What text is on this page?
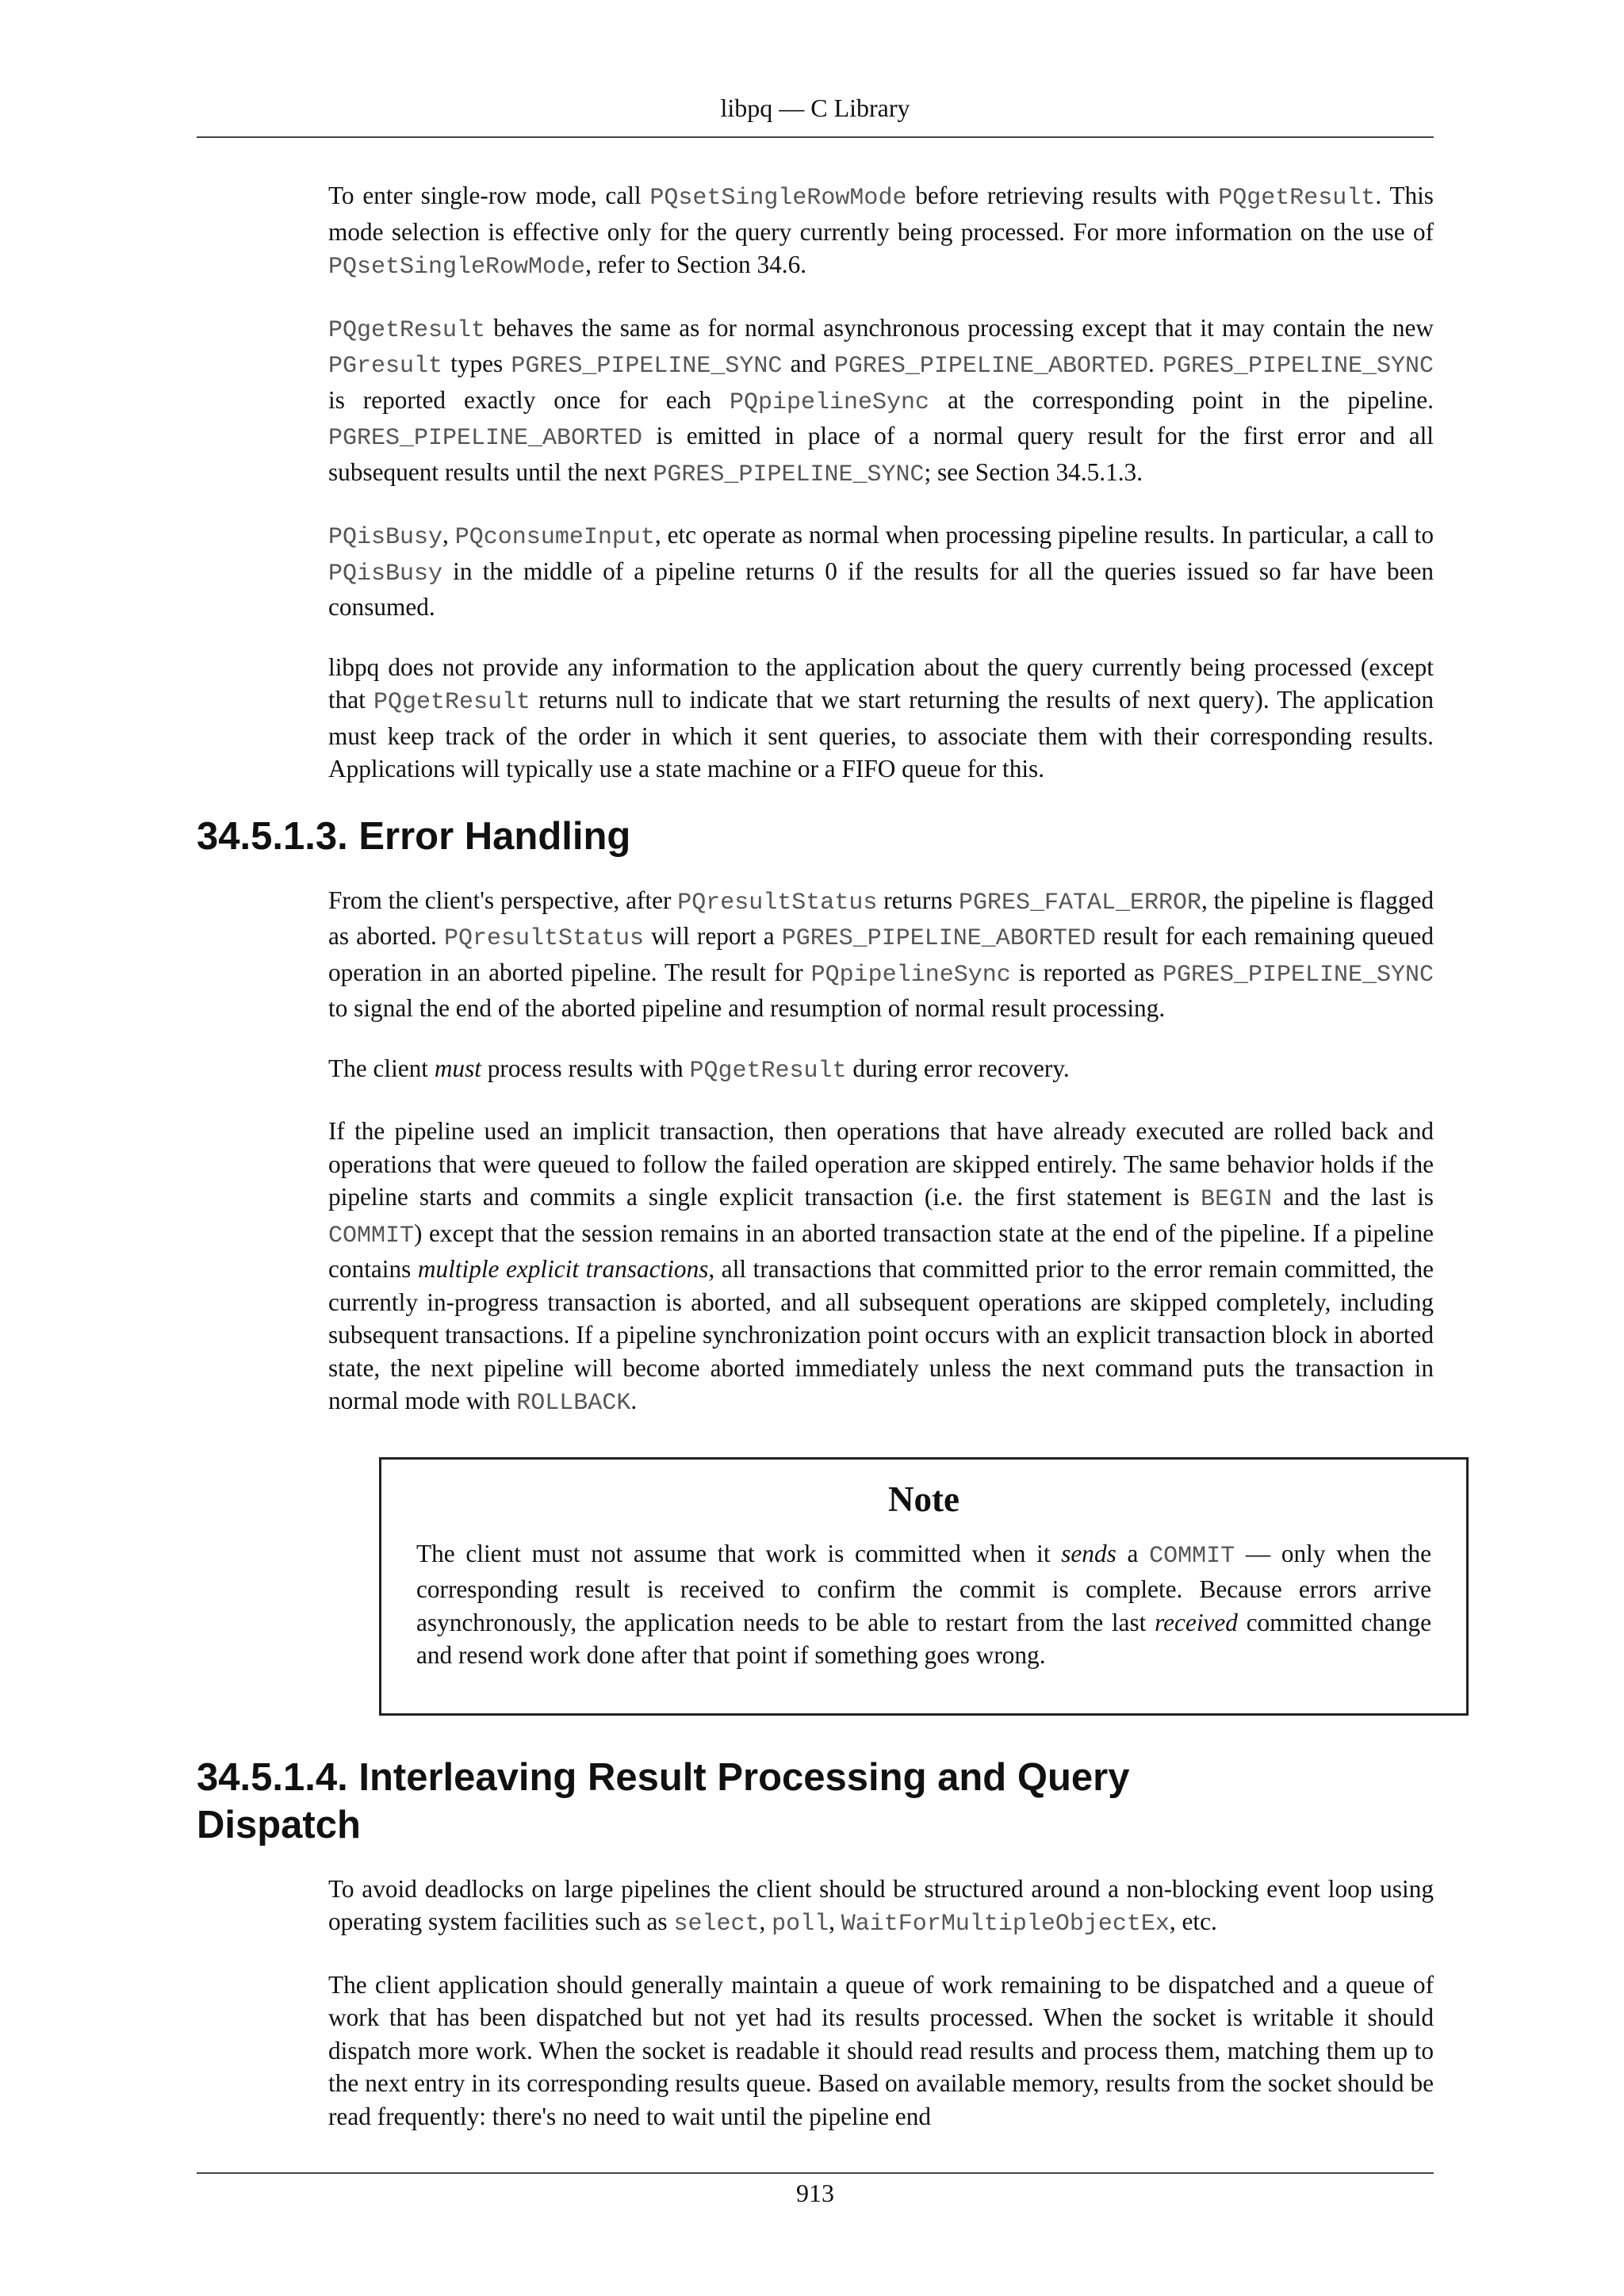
libpq — C Library

To enter single-row mode, call PQsetSingleRowMode before retrieving results with PQgetResult. This mode selection is effective only for the query currently being processed. For more information on the use of PQsetSingleRowMode, refer to Section 34.6.

PQgetResult behaves the same as for normal asynchronous processing except that it may contain the new PGresult types PGRES_PIPELINE_SYNC and PGRES_PIPELINE_ABORTED. PGRES_PIPELINE_SYNC is reported exactly once for each PQpipelineSync at the corresponding point in the pipeline. PGRES_PIPELINE_ABORTED is emitted in place of a normal query result for the first error and all subsequent results until the next PGRES_PIPELINE_SYNC; see Section 34.5.1.3.

PQisBusy, PQconsumeInput, etc operate as normal when processing pipeline results. In particular, a call to PQisBusy in the middle of a pipeline returns 0 if the results for all the queries issued so far have been consumed.

libpq does not provide any information to the application about the query currently being processed (except that PQgetResult returns null to indicate that we start returning the results of next query). The application must keep track of the order in which it sent queries, to associate them with their corresponding results. Applications will typically use a state machine or a FIFO queue for this.

34.5.1.3. Error Handling

From the client's perspective, after PQresultStatus returns PGRES_FATAL_ERROR, the pipeline is flagged as aborted. PQresultStatus will report a PGRES_PIPELINE_ABORTED result for each remaining queued operation in an aborted pipeline. The result for PQpipelineSync is reported as PGRES_PIPELINE_SYNC to signal the end of the aborted pipeline and resumption of normal result processing.

The client must process results with PQgetResult during error recovery.

If the pipeline used an implicit transaction, then operations that have already executed are rolled back and operations that were queued to follow the failed operation are skipped entirely. The same behavior holds if the pipeline starts and commits a single explicit transaction (i.e. the first statement is BEGIN and the last is COMMIT) except that the session remains in an aborted transaction state at the end of the pipeline. If a pipeline contains multiple explicit transactions, all transactions that committed prior to the error remain committed, the currently in-progress transaction is aborted, and all subsequent operations are skipped completely, including subsequent transactions. If a pipeline synchronization point occurs with an explicit transaction block in aborted state, the next pipeline will become aborted immediately unless the next command puts the transaction in normal mode with ROLLBACK.

Note

The client must not assume that work is committed when it sends a COMMIT — only when the corresponding result is received to confirm the commit is complete. Because errors arrive asynchronously, the application needs to be able to restart from the last received committed change and resend work done after that point if something goes wrong.

34.5.1.4. Interleaving Result Processing and Query Dispatch

To avoid deadlocks on large pipelines the client should be structured around a non-blocking event loop using operating system facilities such as select, poll, WaitForMultipleObjectEx, etc.

The client application should generally maintain a queue of work remaining to be dispatched and a queue of work that has been dispatched but not yet had its results processed. When the socket is writable it should dispatch more work. When the socket is readable it should read results and process them, matching them up to the next entry in its corresponding results queue. Based on available memory, results from the socket should be read frequently: there's no need to wait until the pipeline end

913
